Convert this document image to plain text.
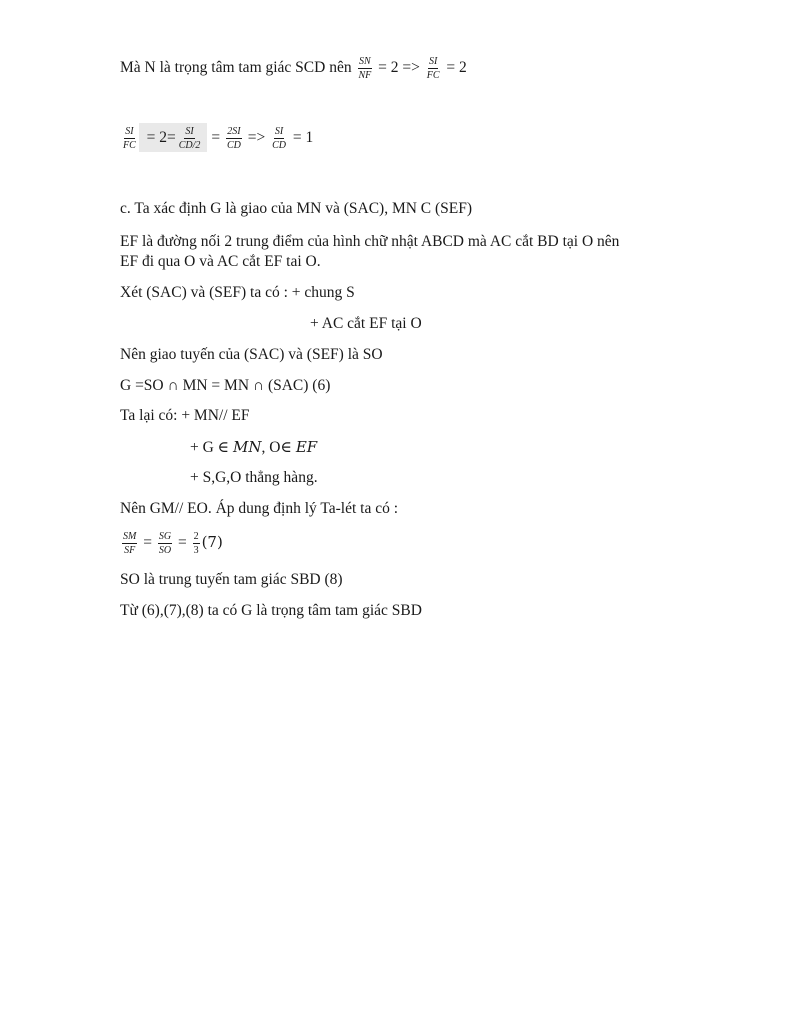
Mà N là trọng tâm tam giác SCD nên $\frac{SN}{NF} = 2 => \frac{SI}{FC} = 2$
$\frac{SI}{FC} = 2= \frac{SI}{CD/2} = \frac{2SI}{CD} => \frac{SI}{CD} = 1$
c. Ta xác định G là giao của MN và (SAC), MN C (SEF)
EF là đường nối 2 trung điểm của hình chữ nhật ABCD mà AC cắt BD tại O nên
EF đi qua O và AC cắt EF tai O.
Xét (SAC) và (SEF) ta có : + chung S
+ AC cắt EF tại O
Nên giao tuyến của (SAC) và (SEF) là SO
G =SO ∩ MN = MN ∩ (SAC) (6)
Ta lại có: + MN// EF
+ G ∈ MN, O∈ EF
+ S,G,O thẳng hàng.
Nên GM// EO. Áp dung định lý Ta-lét ta có :
$\frac{SM}{SF} = \frac{SG}{SO} = \frac{2}{3} (7)$
SO là trung tuyến tam giác SBD (8)
Từ (6),(7),(8) ta có G là trọng tâm tam giác SBD
